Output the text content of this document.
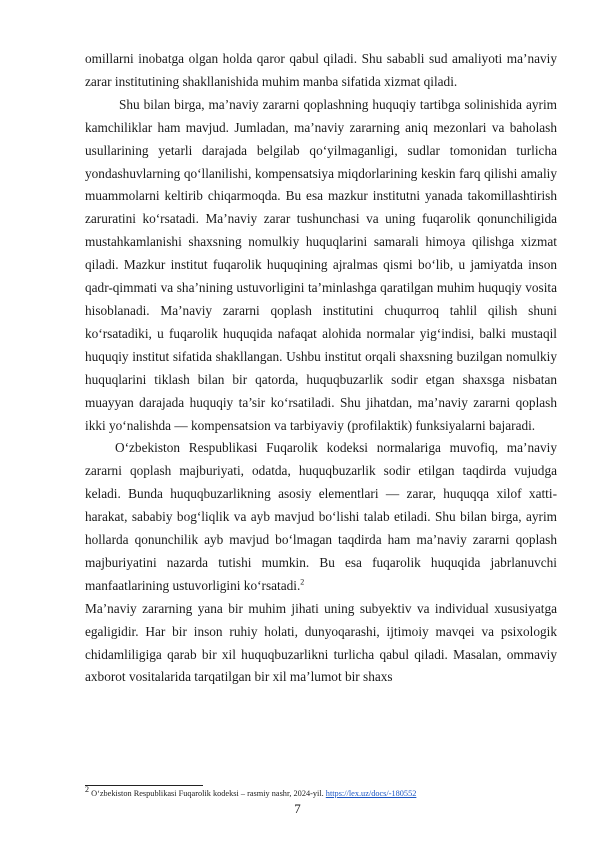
omillarni inobatga olgan holda qaror qabul qiladi. Shu sababli sud amaliyoti ma’naviy zarar institutining shakllanishida muhim manba sifatida xizmat qiladi.

Shu bilan birga, ma’naviy zararni qoplashning huquqiy tartibga solinishida ayrim kamchiliklar ham mavjud. Jumladan, ma’naviy zararning aniq mezonlari va baholash usullarining yetarli darajada belgilab qo‘yilmaganligi, sudlar tomonidan turlicha yondashuvlarning qo‘llanilishi, kompensatsiya miqdorlarining keskin farq qilishi amaliy muammolarni keltirib chiqarmoqda. Bu esa mazkur institutni yanada takomillashtirish zaruratini ko‘rsatadi. Ma’naviy zarar tushunchasi va uning fuqarolik qonunchiligida mustahkamlanishi shaxsning nomulkiy huquqlarini samarali himoya qilishga xizmat qiladi. Mazkur institut fuqarolik huquqining ajralmas qismi bo‘lib, u jamiyatda inson qadr-qimmati va sha’nining ustuvorligini ta’minlashga qaratilgan muhim huquqiy vosita hisoblanadi. Ma’naviy zararni qoplash institutini chuqurroq tahlil qilish shuni ko‘rsatadiki, u fuqarolik huquqida nafaqat alohida normalar yig‘indisi, balki mustaqil huquqiy institut sifatida shakllangan. Ushbu institut orqali shaxsning buzilgan nomulkiy huquqlarini tiklash bilan bir qatorda, huquqbuzarlik sodir etgan shaxsga nisbatan muayyan darajada huquqiy ta’sir ko‘rsatiladi. Shu jihatdan, ma’naviy zararni qoplash ikki yo‘nalishda — kompensatsion va tarbiyaviy (profilaktik) funksiyalarni bajaradi.

O‘zbekiston Respublikasi Fuqarolik kodeksi normalariga muvofiq, ma’naviy zararni qoplash majburiyati, odatda, huquqbuzarlik sodir etilgan taqdirda vujudga keladi. Bunda huquqbuzarlikning asosiy elementlari — zarar, huquqqa xilof xatti-harakat, sababiy bog‘liqlik va ayb mavjud bo‘lishi talab etiladi. Shu bilan birga, ayrim hollarda qonunchilik ayb mavjud bo‘lmagan taqdirda ham ma’naviy zararni qoplash majburiyatini nazarda tutishi mumkin. Bu esa fuqarolik huquqida jabrlanuvchi manfaatlarining ustuvorligini ko‘rsatadi.$^2$

Ma’naviy zararning yana bir muhim jihati uning subyektiv va individual xususiyatga egaligidir. Har bir inson ruhiy holati, dunyoqarashi, ijtimoiy mavqei va psixologik chidamliligiga qarab bir xil huquqbuzarlikni turlicha qabul qiladi. Masalan, ommaviy axborot vositalarida tarqatilgan bir xil ma’lumot bir shaxs

$^2$ O‘zbekiston Respublikasi Fuqarolik kodeksi – rasmiy nashr, 2024-yil. https://lex.uz/docs/-180552
7
